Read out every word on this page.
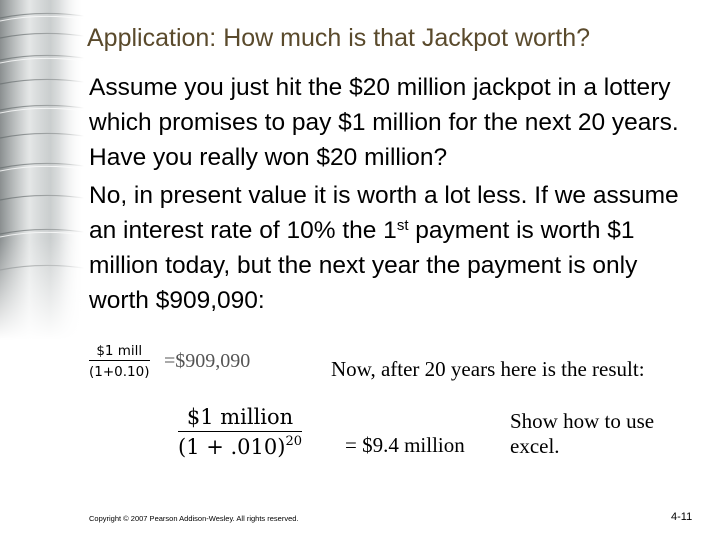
Application: How much is that Jackpot worth?
Assume you just hit the $20 million jackpot in a lottery which promises to pay $1 million for the next 20 years. Have you really won $20 million?
No, in present value it is worth a lot less. If we assume an interest rate of 10% the 1st payment is worth $1 million today, but the next year the payment is only worth $909,090:
$1 mill
(1+0.10) =$909,090	Now, after 20 years here is the result:
$1 million
$(1 + .010)^{20}$ = $9.4 million
Show how to use excel.
Copyright © 2007 Pearson Addison-Wesley. All rights reserved.	4-11
